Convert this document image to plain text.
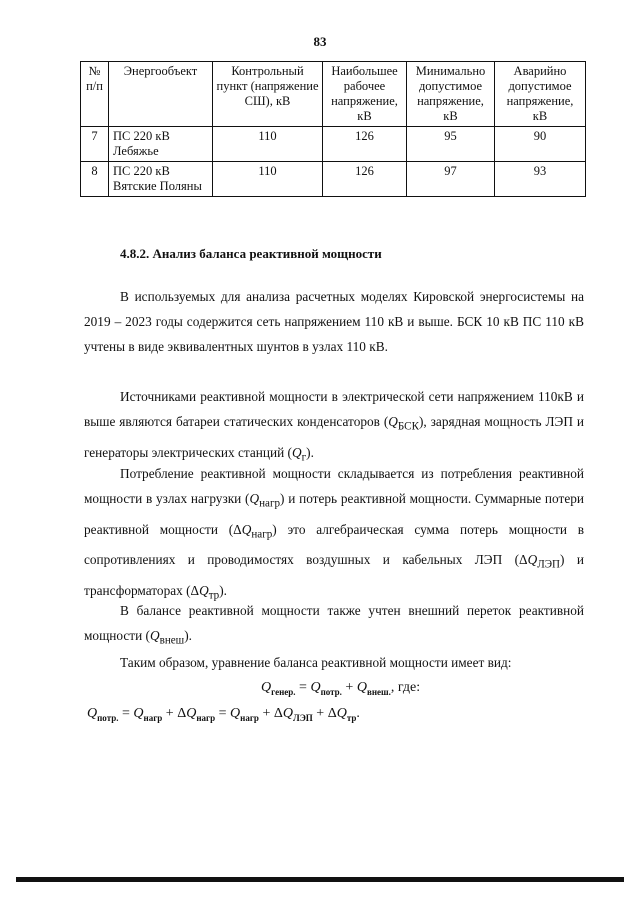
83
№ п/п	Энергообъект	Контрольный пункт (напряжение СШ), кВ	Наибольшее рабочее напряжение, кВ	Минимально допустимое напряжение, кВ	Аварийно допустимое напряжение, кВ
7	ПС 220 кВ Лебяжье	110	126	95	90
8	ПС 220 кВ Вятские Поляны	110	126	97	93
4.8.2. Анализ баланса реактивной мощности

В используемых для анализа расчетных моделях Кировской энергосистемы на 2019 – 2023 годы содержится сеть напряжением 110 кВ и выше. БСК 10 кВ ПС 110 кВ учтены в виде эквивалентных шунтов в узлах 110 кВ.

Источниками реактивной мощности в электрической сети напряжением 110кВ и выше являются батареи статических конденсаторов $(Q_{БСК})$, зарядная мощность ЛЭП и генераторы электрических станций $(Q_г)$.

Потребление реактивной мощности складывается из потребления реактивной мощности в узлах нагрузки $(Q_{нагр})$ и потерь реактивной мощности. Суммарные потери реактивной мощности $(\Delta Q_{нагр})$ это алгебраическая сумма потерь мощности в сопротивлениях и проводимостях воздушных и кабельных ЛЭП $(\Delta Q_{ЛЭП})$ и трансформаторах $(\Delta Q_{тр})$.

В балансе реактивной мощности также учтен внешний переток реактивной мощности $(Q_{внеш})$.

Таким образом, уравнение баланса реактивной мощности имеет вид:

$Q_{генер.} = Q_{потр.} + Q_{внеш.}$, где:
$Q_{потр.} = Q_{нагр} + \Delta Q_{нагр} = Q_{нагр} + \Delta Q_{ЛЭП} + \Delta Q_{тр}$.
